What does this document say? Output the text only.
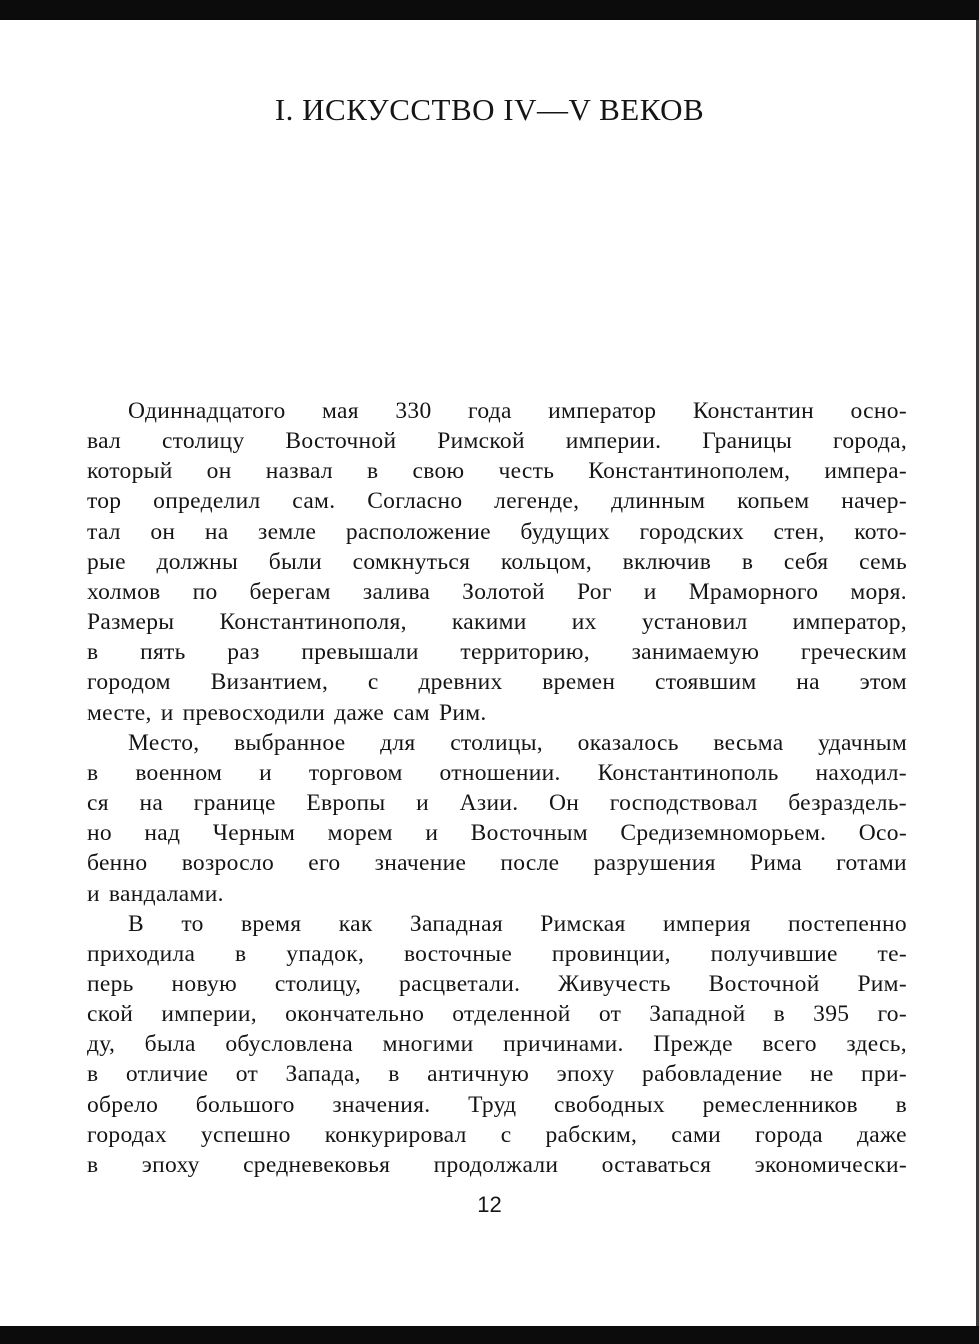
I. ИСКУССТВО IV—V ВЕКОВ
Одиннадцатого мая 330 года император Константин осно-
вал столицу Восточной Римской империи. Границы города,
который он назвал в свою честь Константинополем, импера-
тор определил сам. Согласно легенде, длинным копьем начер-
тал он на земле расположение будущих городских стен, кото-
рые должны были сомкнуться кольцом, включив в себя семь
холмов по берегам залива Золотой Рог и Мраморного моря.
Размеры Константинополя, какими их установил император,
в пять раз превышали территорию, занимаемую греческим
городом Византием, с древних времен стоявшим на этом
месте, и превосходили даже сам Рим.
Место, выбранное для столицы, оказалось весьма удачным
в военном и торговом отношении. Константинополь находил-
ся на границе Европы и Азии. Он господствовал безраздель-
но над Черным морем и Восточным Средиземноморьем. Осо-
бенно возросло его значение после разрушения Рима готами
и вандалами.
В то время как Западная Римская империя постепенно
приходила в упадок, восточные провинции, получившие те-
перь новую столицу, расцветали. Живучесть Восточной Рим-
ской империи, окончательно отделенной от Западной в 395 го-
ду, была обусловлена многими причинами. Прежде всего здесь,
в отличие от Запада, в античную эпоху рабовладение не при-
обрело большого значения. Труд свободных ремесленников в
городах успешно конкурировал с рабским, сами города даже
в эпоху средневековья продолжали оставаться экономически-
12
